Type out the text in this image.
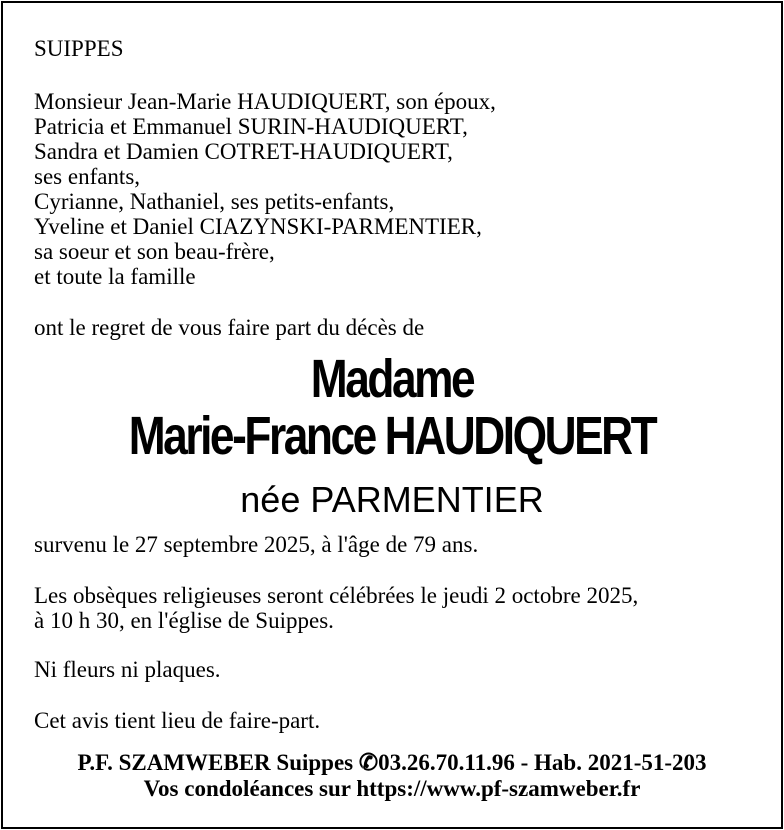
SUIPPES
Monsieur Jean-Marie HAUDIQUERT, son époux,
Patricia et Emmanuel SURIN-HAUDIQUERT,
Sandra et Damien COTRET-HAUDIQUERT,
ses enfants,
Cyrianne, Nathaniel, ses petits-enfants,
Yveline et Daniel CIAZYNSKI-PARMENTIER,
sa soeur et son beau-frère,
et toute la famille
ont le regret de vous faire part du décès de
Madame
Marie-France HAUDIQUERT
née PARMENTIER
survenu le 27 septembre 2025, à l'âge de 79 ans.
Les obsèques religieuses seront célébrées le jeudi 2 octobre 2025,
à 10 h 30, en l'église de Suippes.
Ni fleurs ni plaques.
Cet avis tient lieu de faire-part.
P.F. SZAMWEBER Suippes ✆03.26.70.11.96 - Hab. 2021-51-203
Vos condoléances sur https://www.pf-szamweber.fr
